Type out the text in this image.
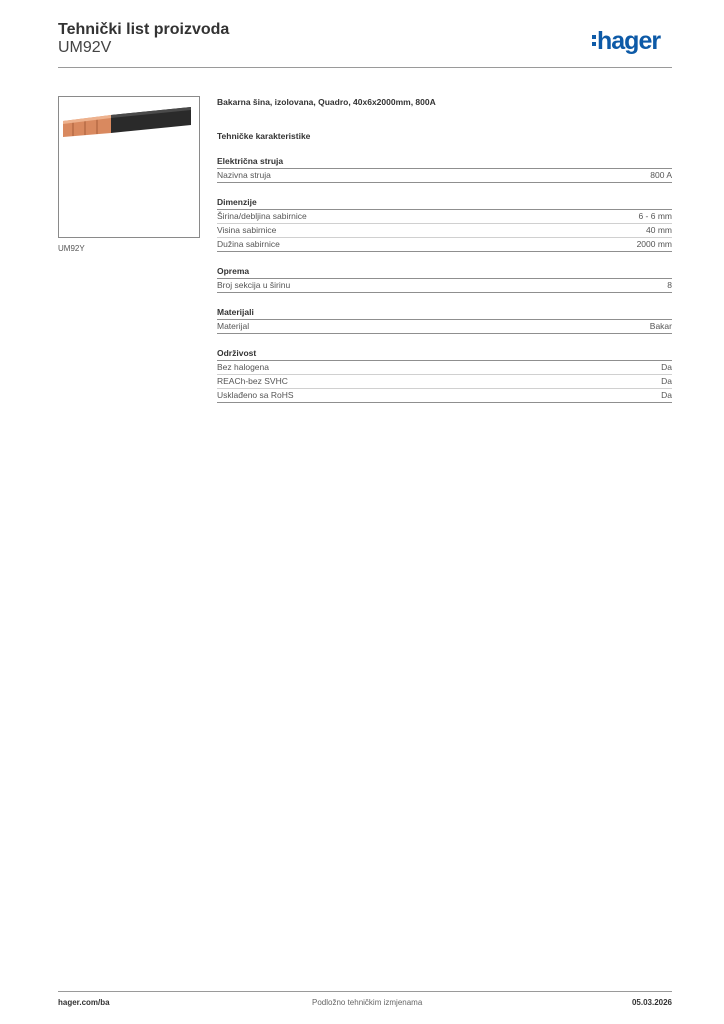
Tehnički list proizvoda
UM92V	hager
UM92Y
Bakarna šina, izolovana, Quadro, 40x6x2000mm, 800A
Tehničke karakteristike
Električna struja
Nazivna struja	800 A
Dimenzije
Širina/debljina sabirnice	6 - 6 mm
Visina sabirnice	40 mm
Dužina sabirnice	2000 mm
Oprema
Broj sekcija u širinu	8
Materijali
Materijal	Bakar
Održivost
Bez halogena	Da
REACh-bez SVHC	Da
Usklađeno sa RoHS	Da
hager.com/ba	Podložno tehničkim izmjenama	05.03.2026
